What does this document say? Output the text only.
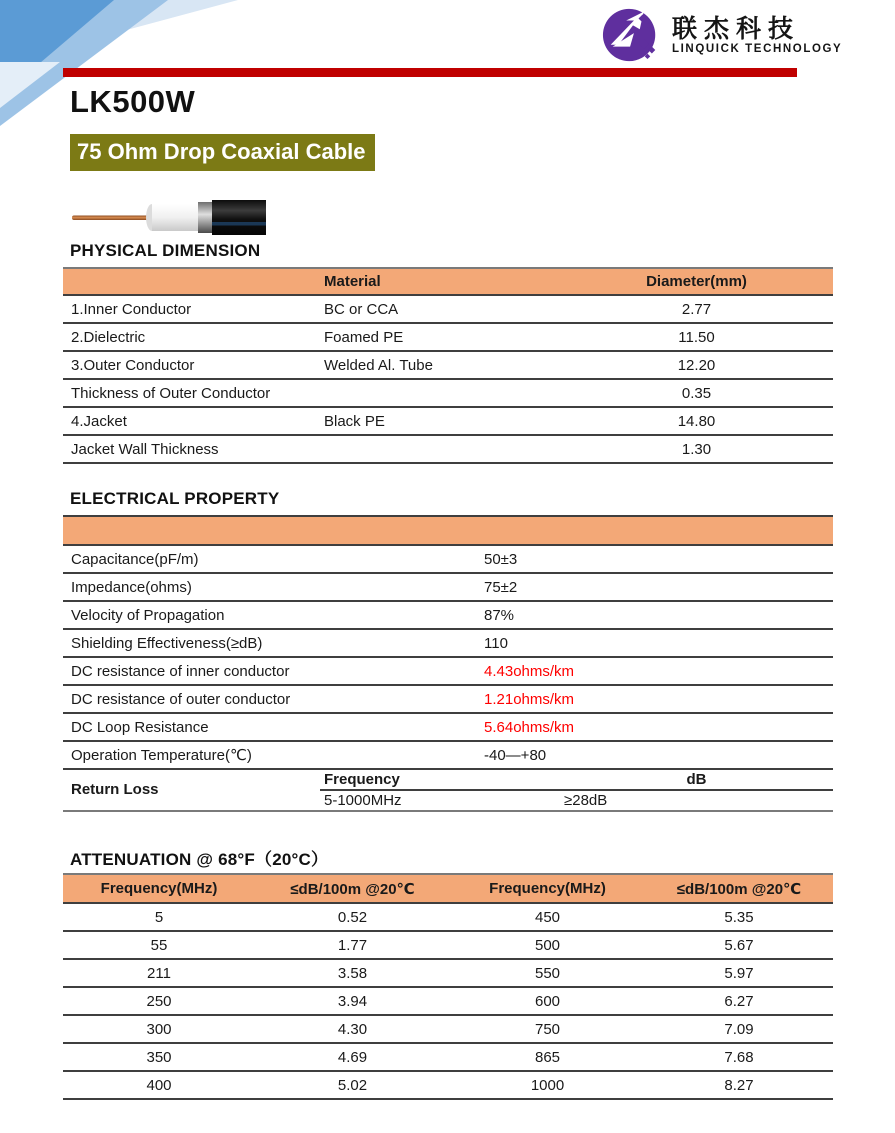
联杰科技
LINQUICK TECHNOLOGY
LK500W
75 Ohm Drop Coaxial Cable
PHYSICAL DIMENSION
	Material	Diameter(mm)
1.Inner Conductor	BC or CCA	2.77
2.Dielectric	Foamed PE	11.50
3.Outer Conductor	Welded Al. Tube	12.20
Thickness of Outer Conductor		0.35
4.Jacket	Black PE	14.80
Jacket Wall Thickness		1.30
ELECTRICAL PROPERTY

Capacitance(pF/m)	50±3
Impedance(ohms)	75±2
Velocity of Propagation	87%
Shielding Effectiveness(≥dB)	110
DC resistance of inner conductor	4.43ohms/km
DC resistance of outer conductor	1.21ohms/km
DC Loop Resistance	5.64ohms/km
Operation Temperature(℃)	-40—+80
Return Loss	Frequency	dB
	5-1000MHz	≥28dB
ATTENUATION @ 68°F（20°C）
Frequency(MHz)	≤dB/100m @20℃	Frequency(MHz)	≤dB/100m @20℃
5	0.52	450	5.35
55	1.77	500	5.67
211	3.58	550	5.97
250	3.94	600	6.27
300	4.30	750	7.09
350	4.69	865	7.68
400	5.02	1000	8.27
